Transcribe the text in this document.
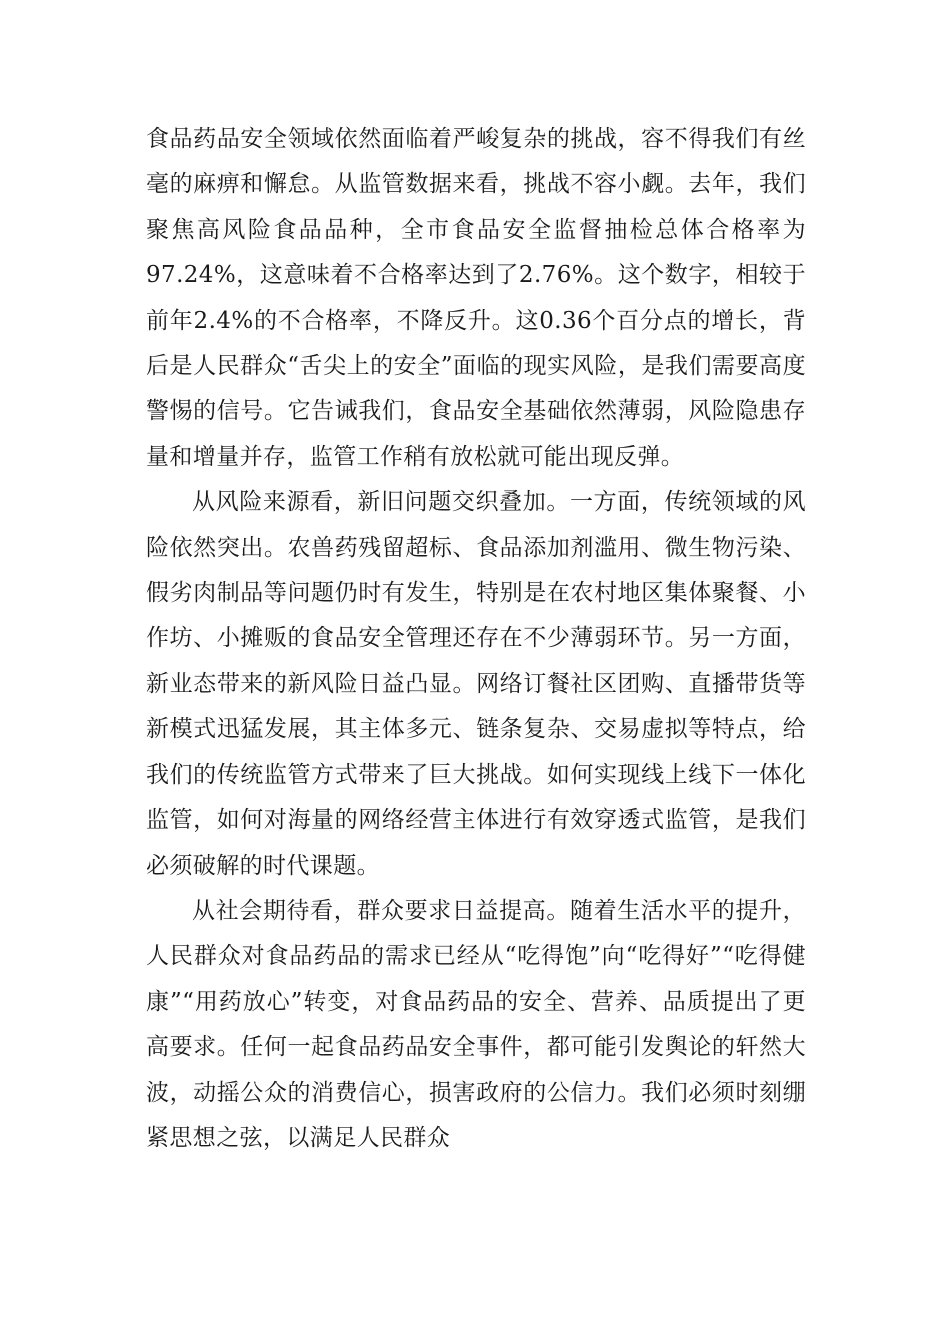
食品药品安全领域依然面临着严峻复杂的挑战，容不得我们有丝毫的麻痹和懈怠。从监管数据来看，挑战不容小觑。去年，我们聚焦高风险食品品种，全市食品安全监督抽检总体合格率为97.24%，这意味着不合格率达到了2.76%。这个数字，相较于前年2.4%的不合格率，不降反升。这0.36个百分点的增长，背后是人民群众“舌尖上的安全”面临的现实风险，是我们需要高度警惕的信号。它告诫我们，食品安全基础依然薄弱，风险隐患存量和增量并存，监管工作稍有放松就可能出现反弹。

从风险来源看，新旧问题交织叠加。一方面，传统领域的风险依然突出。农兽药残留超标、食品添加剂滥用、微生物污染、假劣肉制品等问题仍时有发生，特别是在农村地区集体聚餐、小作坊、小摊贩的食品安全管理还存在不少薄弱环节。另一方面，新业态带来的新风险日益凸显。网络订餐社区团购、直播带货等新模式迅猛发展，其主体多元、链条复杂、交易虚拟等特点，给我们的传统监管方式带来了巨大挑战。如何实现线上线下一体化监管，如何对海量的网络经营主体进行有效穿透式监管，是我们必须破解的时代课题。

从社会期待看，群众要求日益提高。随着生活水平的提升，人民群众对食品药品的需求已经从“吃得饱”向“吃得好”“吃得健康”“用药放心”转变，对食品药品的安全、营养、品质提出了更高要求。任何一起食品药品安全事件，都可能引发舆论的轩然大波，动摇公众的消费信心，损害政府的公信力。我们必须时刻绷紧思想之弦，以满足人民群众
